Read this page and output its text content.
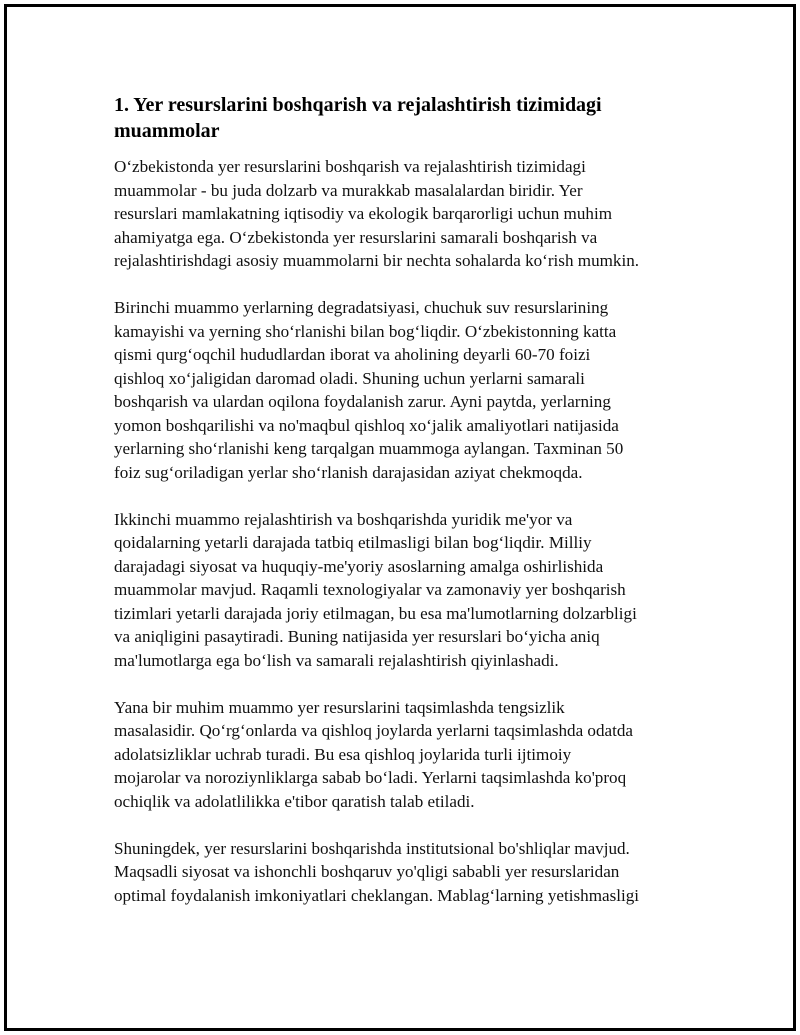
1. Yer resurslarini boshqarish va rejalashtirish tizimidagi
muammolar

O‘zbekistonda yer resurslarini boshqarish va rejalashtirish tizimidagi
muammolar - bu juda dolzarb va murakkab masalalardan biridir. Yer
resurslari mamlakatning iqtisodiy va ekologik barqarorligi uchun muhim
ahamiyatga ega. O‘zbekistonda yer resurslarini samarali boshqarish va
rejalashtirishdagi asosiy muammolarni bir nechta sohalarda ko‘rish mumkin.

Birinchi muammo yerlarning degradatsiyasi, chuchuk suv resurslarining
kamayishi va yerning sho‘rlanishi bilan bog‘liqdir. O‘zbekistonning katta
qismi qurg‘oqchil hududlardan iborat va aholining deyarli 60-70 foizi
qishloq xo‘jaligidan daromad oladi. Shuning uchun yerlarni samarali
boshqarish va ulardan oqilona foydalanish zarur. Ayni paytda, yerlarning
yomon boshqarilishi va no'maqbul qishloq xo‘jalik amaliyotlari natijasida
yerlarning sho‘rlanishi keng tarqalgan muammoga aylangan. Taxminan 50
foiz sug‘oriladigan yerlar sho‘rlanish darajasidan aziyat chekmoqda.

Ikkinchi muammo rejalashtirish va boshqarishda yuridik me'yor va
qoidalarning yetarli darajada tatbiq etilmasligi bilan bog‘liqdir. Milliy
darajadagi siyosat va huquqiy-me'yoriy asoslarning amalga oshirlishida
muammolar mavjud. Raqamli texnologiyalar va zamonaviy yer boshqarish
tizimlari yetarli darajada joriy etilmagan, bu esa ma'lumotlarning dolzarbligi
va aniqligini pasaytiradi. Buning natijasida yer resurslari bo‘yicha aniq
ma'lumotlarga ega bo‘lish va samarali rejalashtirish qiyinlashadi.

Yana bir muhim muammo yer resurslarini taqsimlashda tengsizlik
masalasidir. Qo‘rg‘onlarda va qishloq joylarda yerlarni taqsimlashda odatda
adolatsizliklar uchrab turadi. Bu esa qishloq joylarida turli ijtimoiy
mojarolar va noroziynliklarga sabab bo‘ladi. Yerlarni taqsimlashda ko'proq
ochiqlik va adolatlilikka e'tibor qaratish talab etiladi.

Shuningdek, yer resurslarini boshqarishda institutsional bo'shliqlar mavjud.
Maqsadli siyosat va ishonchli boshqaruv yo'qligi sababli yer resurslaridan
optimal foydalanish imkoniyatlari cheklangan. Mablag‘larning yetishmasligi
